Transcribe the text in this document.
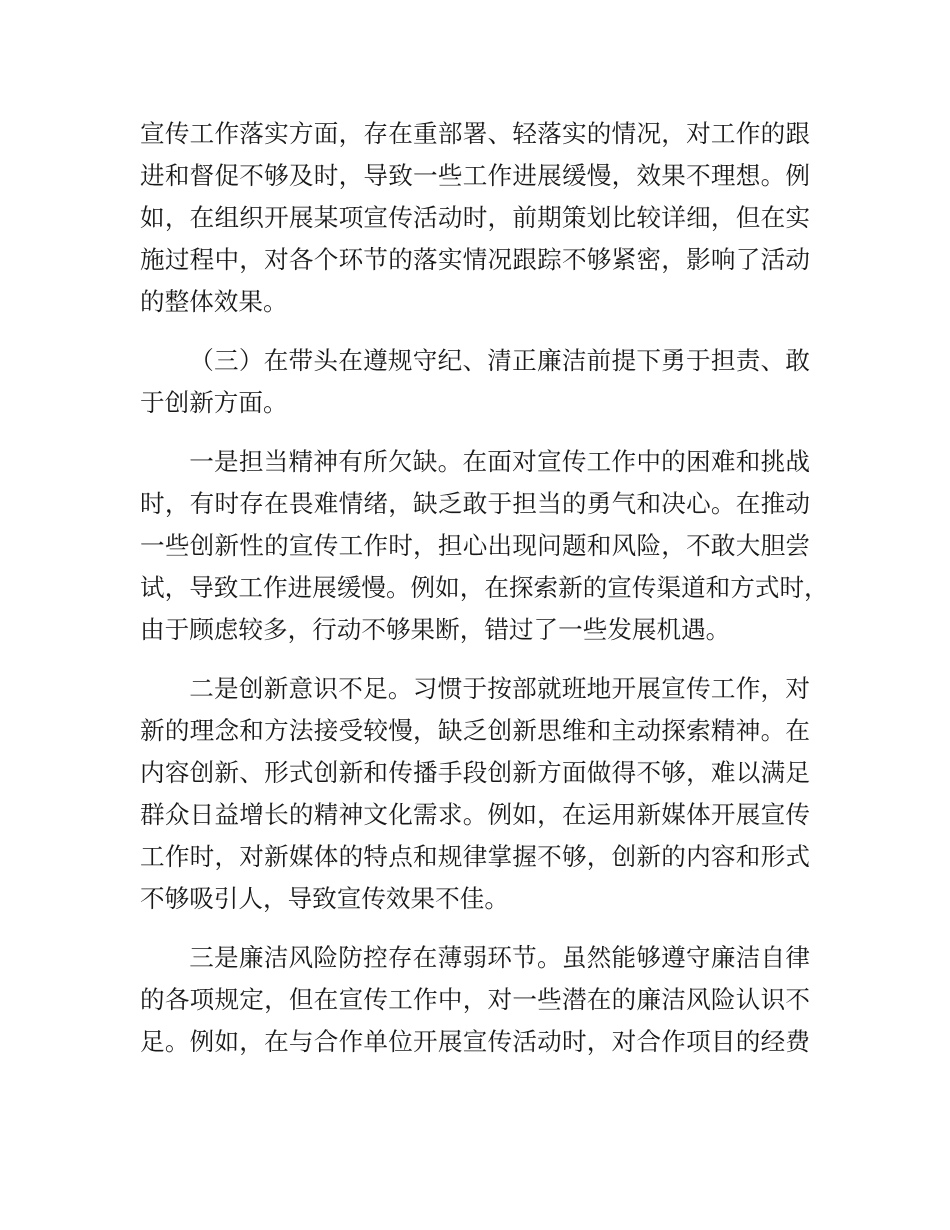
宣传工作落实方面，存在重部署、轻落实的情况，对工作的跟
进和督促不够及时，导致一些工作进展缓慢，效果不理想。例
如，在组织开展某项宣传活动时，前期策划比较详细，但在实
施过程中，对各个环节的落实情况跟踪不够紧密，影响了活动
的整体效果。
（三）在带头在遵规守纪、清正廉洁前提下勇于担责、敢
于创新方面。
一是担当精神有所欠缺。在面对宣传工作中的困难和挑战
时，有时存在畏难情绪，缺乏敢于担当的勇气和决心。在推动
一些创新性的宣传工作时，担心出现问题和风险，不敢大胆尝
试，导致工作进展缓慢。例如，在探索新的宣传渠道和方式时，
由于顾虑较多，行动不够果断，错过了一些发展机遇。
二是创新意识不足。习惯于按部就班地开展宣传工作，对
新的理念和方法接受较慢，缺乏创新思维和主动探索精神。在
内容创新、形式创新和传播手段创新方面做得不够，难以满足
群众日益增长的精神文化需求。例如，在运用新媒体开展宣传
工作时，对新媒体的特点和规律掌握不够，创新的内容和形式
不够吸引人，导致宣传效果不佳。
三是廉洁风险防控存在薄弱环节。虽然能够遵守廉洁自律
的各项规定，但在宣传工作中，对一些潜在的廉洁风险认识不
足。例如，在与合作单位开展宣传活动时，对合作项目的经费
